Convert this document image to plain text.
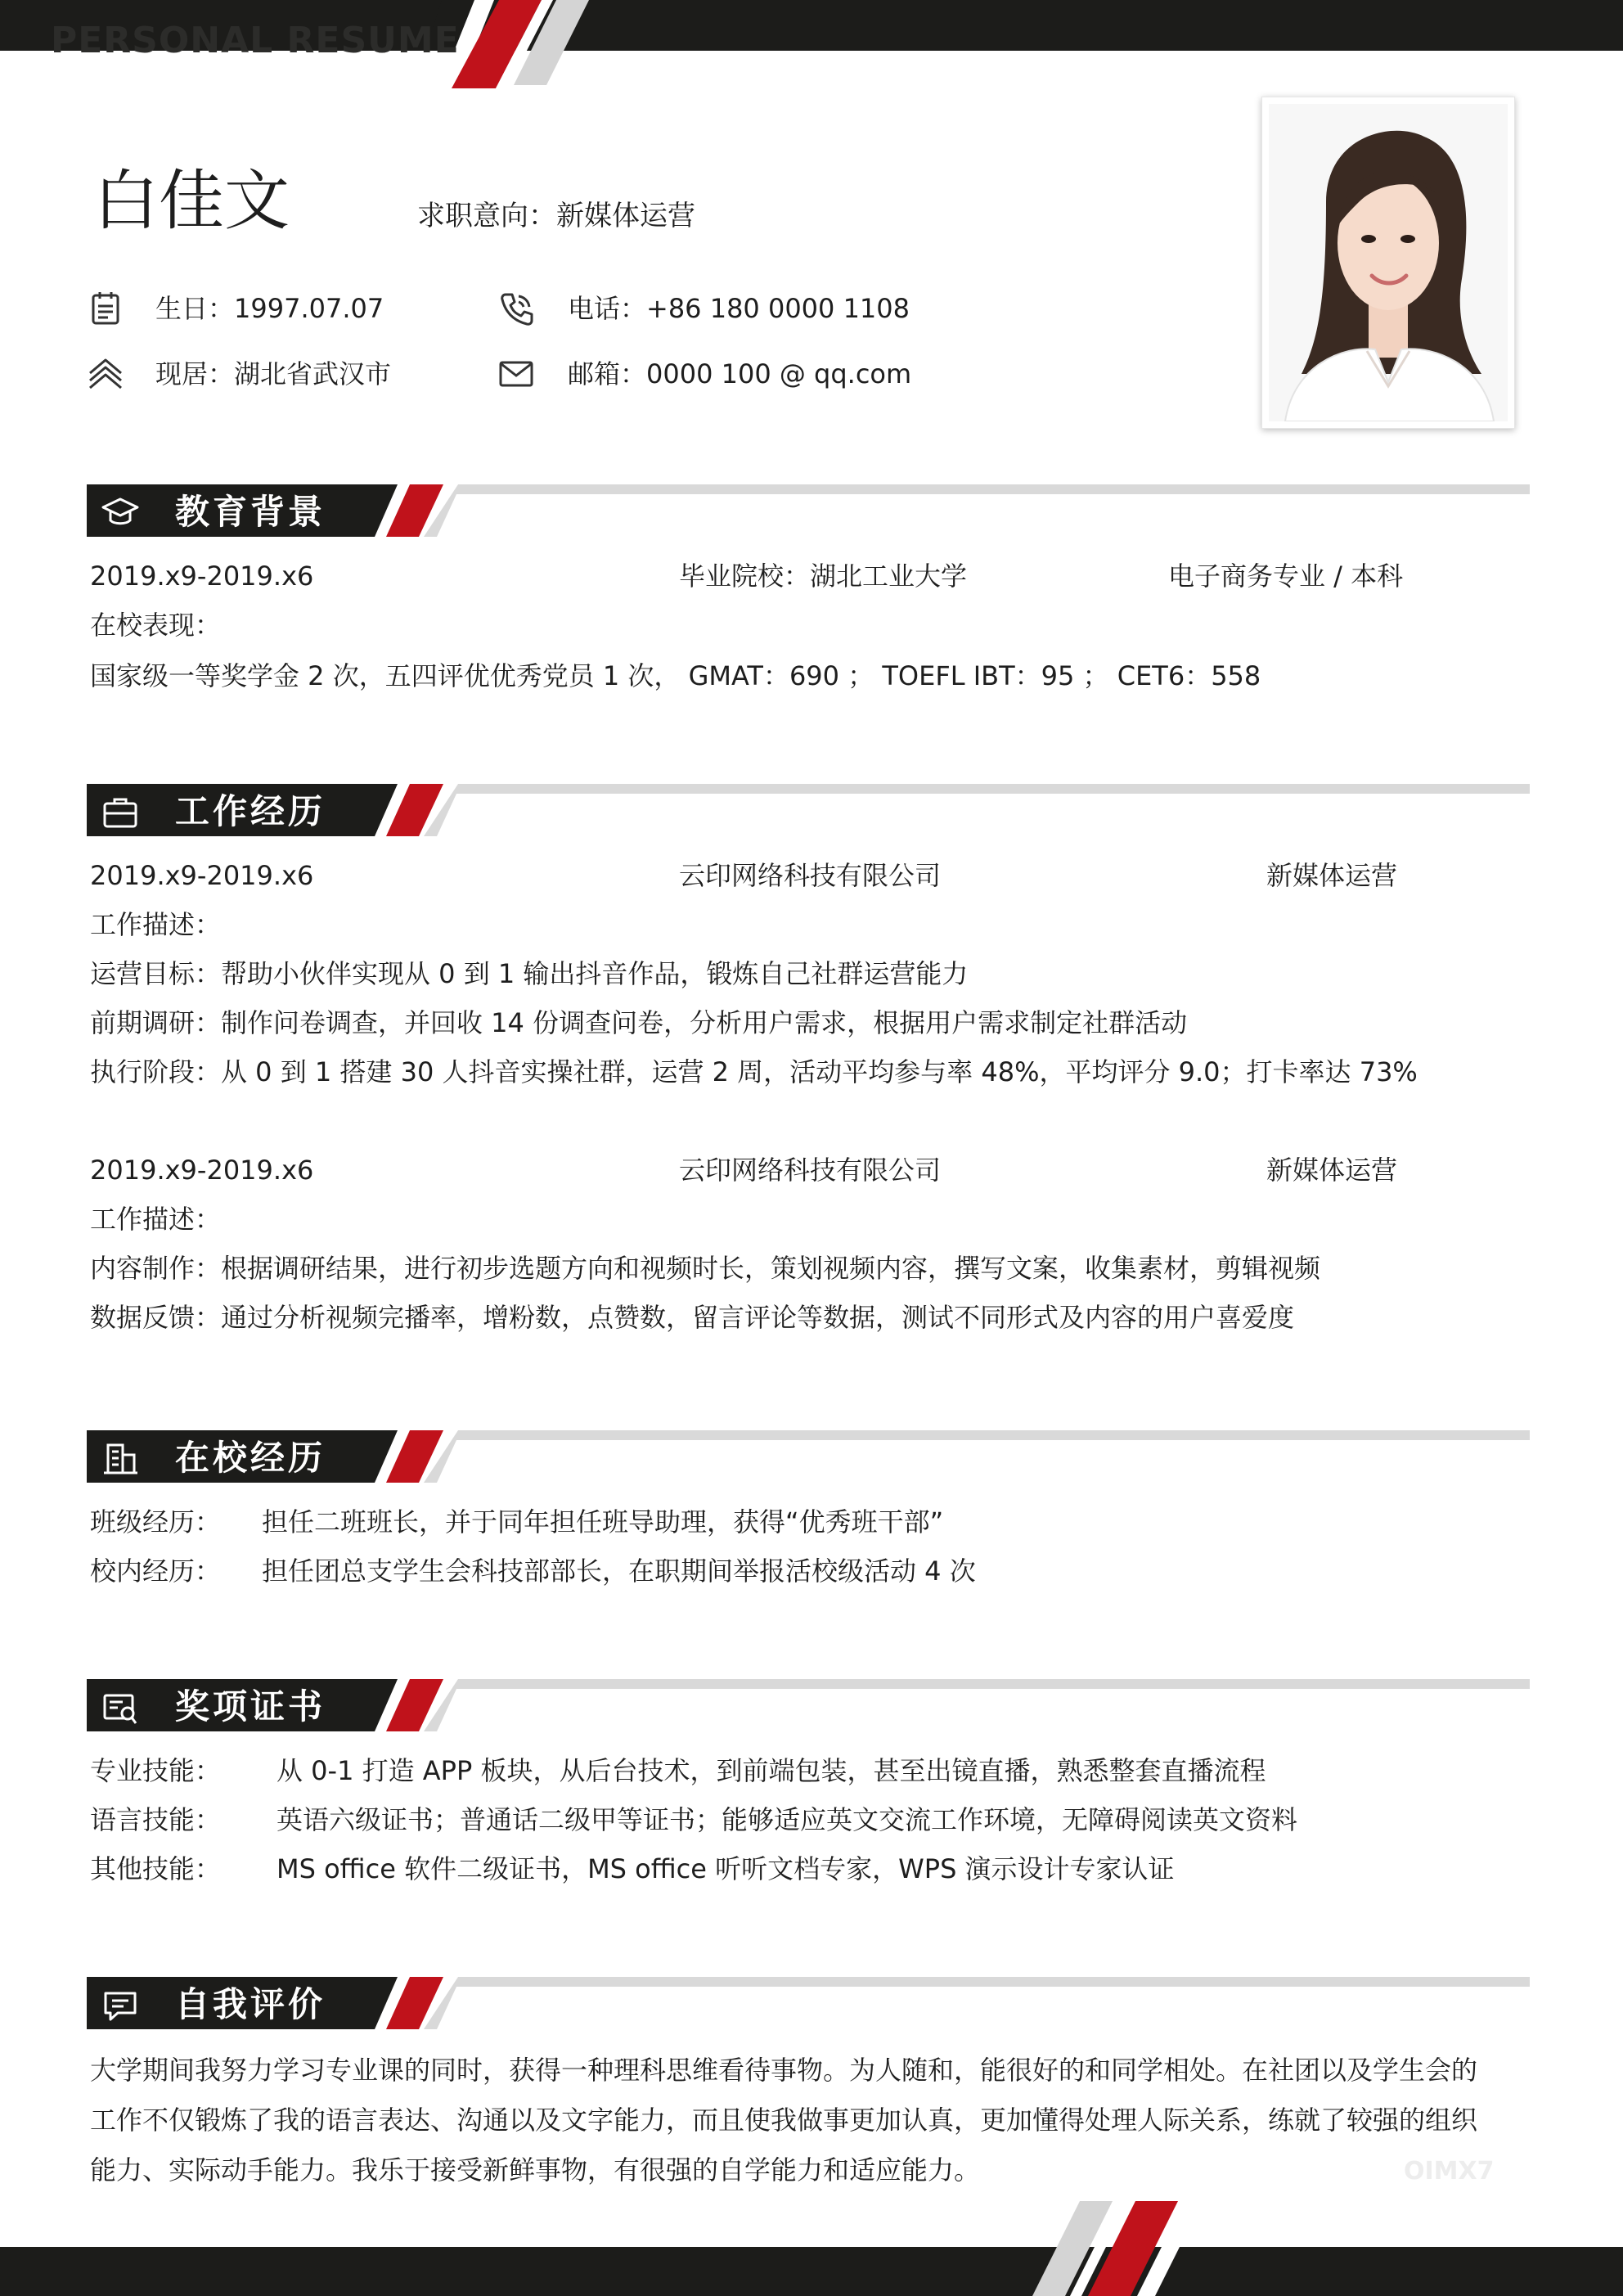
PERSONAL RESUME
白佳文	求职意向：新媒体运营
生日：1997.07.07	电话：+86 180 0000 1108
现居：湖北省武汉市	邮箱：0000 100 @ qq.com
教育背景
2019.x9-2019.x6	毕业院校：湖北工业大学	电子商务专业 / 本科
在校表现：
国家级一等奖学金 2 次，五四评优优秀党员 1 次， GMAT：690 ； TOEFL IBT：95 ； CET6：558
工作经历
2019.x9-2019.x6	云印网络科技有限公司	新媒体运营
工作描述：
运营目标：帮助小伙伴实现从 0 到 1 输出抖音作品，锻炼自己社群运营能力
前期调研：制作问卷调查，并回收 14 份调查问卷，分析用户需求，根据用户需求制定社群活动
执行阶段：从 0 到 1 搭建 30 人抖音实操社群，运营 2 周，活动平均参与率 48%，平均评分 9.0；打卡率达 73%
2019.x9-2019.x6	云印网络科技有限公司	新媒体运营
工作描述：
内容制作：根据调研结果，进行初步选题方向和视频时长，策划视频内容，撰写文案，收集素材，剪辑视频
数据反馈：通过分析视频完播率，增粉数，点赞数，留言评论等数据，测试不同形式及内容的用户喜爱度
在校经历
班级经历： 担任二班班长，并于同年担任班导助理，获得“优秀班干部”
校内经历： 担任团总支学生会科技部部长，在职期间举报活校级活动 4 次
奖项证书
专业技能： 从 0-1 打造 APP 板块，从后台技术，到前端包装，甚至出镜直播，熟悉整套直播流程
语言技能： 英语六级证书；普通话二级甲等证书；能够适应英文交流工作环境，无障碍阅读英文资料
其他技能： MS office 软件二级证书，MS office 听听文档专家，WPS 演示设计专家认证
自我评价
大学期间我努力学习专业课的同时，获得一种理科思维看待事物。为人随和，能很好的和同学相处。在社团以及学生会的工作不仅锻炼了我的语言表达、沟通以及文字能力，而且使我做事更加认真，更加懂得处理人际关系，练就了较强的组织能力、实际动手能力。我乐于接受新鲜事物，有很强的自学能力和适应能力。	OIMX7
